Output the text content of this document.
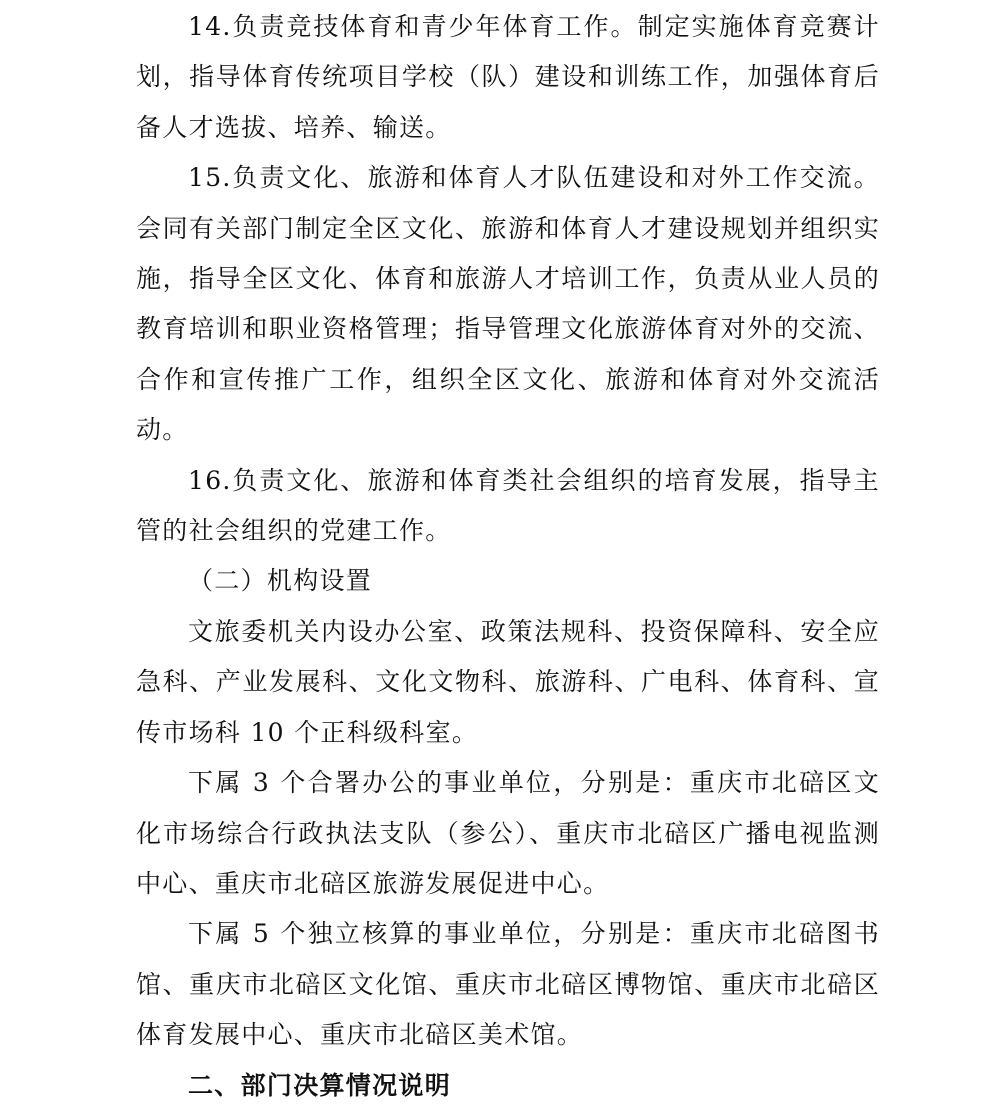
14.负责竞技体育和青少年体育工作。制定实施体育竞赛计划，指导体育传统项目学校（队）建设和训练工作，加强体育后备人才选拔、培养、输送。

15.负责文化、旅游和体育人才队伍建设和对外工作交流。会同有关部门制定全区文化、旅游和体育人才建设规划并组织实施，指导全区文化、体育和旅游人才培训工作，负责从业人员的教育培训和职业资格管理；指导管理文化旅游体育对外的交流、合作和宣传推广工作，组织全区文化、旅游和体育对外交流活动。

16.负责文化、旅游和体育类社会组织的培育发展，指导主管的社会组织的党建工作。

（二）机构设置

文旅委机关内设办公室、政策法规科、投资保障科、安全应急科、产业发展科、文化文物科、旅游科、广电科、体育科、宣传市场科 10 个正科级科室。

下属 3 个合署办公的事业单位，分别是：重庆市北碚区文化市场综合行政执法支队（参公）、重庆市北碚区广播电视监测中心、重庆市北碚区旅游发展促进中心。

下属 5 个独立核算的事业单位，分别是：重庆市北碚图书馆、重庆市北碚区文化馆、重庆市北碚区博物馆、重庆市北碚区体育发展中心、重庆市北碚区美术馆。

二、部门决算情况说明
